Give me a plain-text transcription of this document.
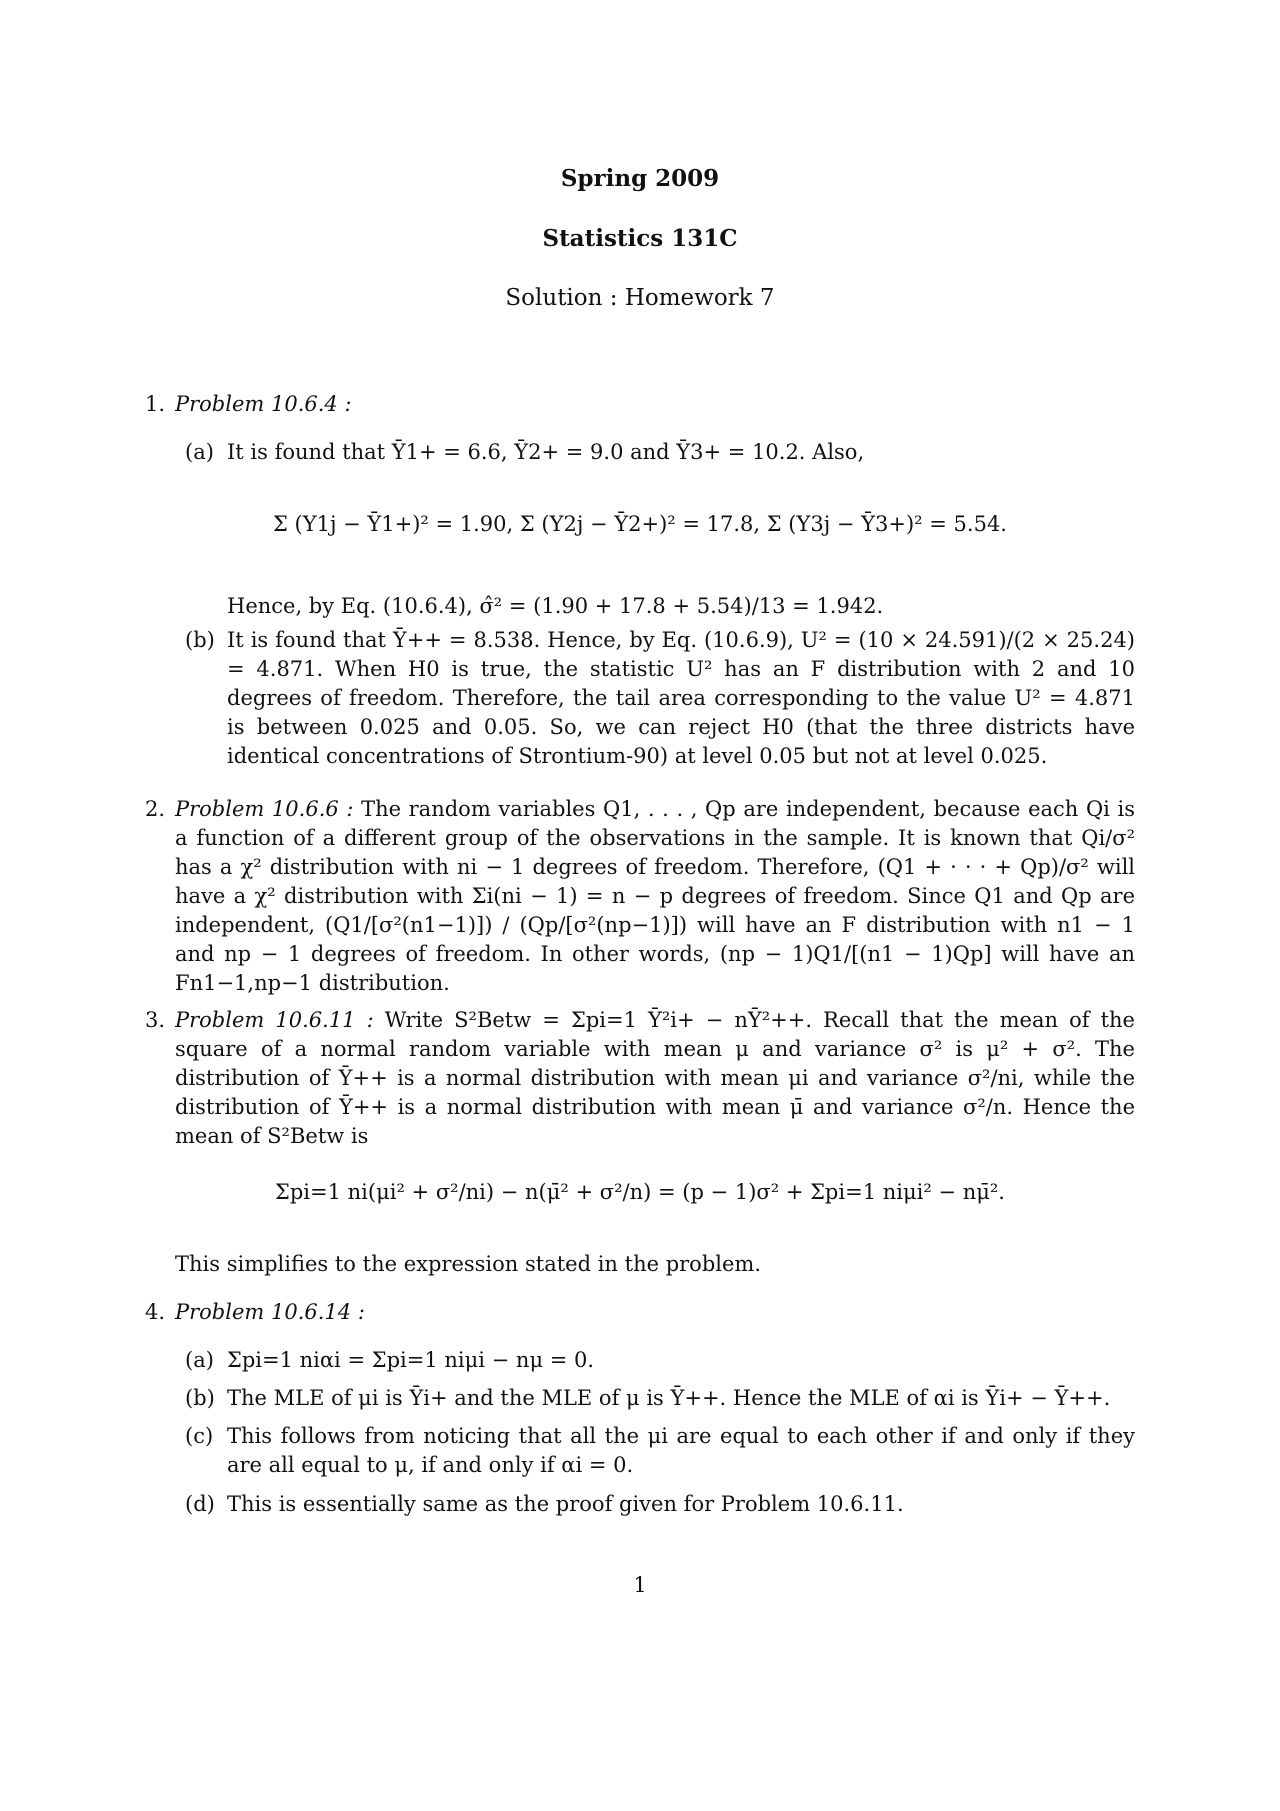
Spring 2009
Statistics 131C
Solution : Homework 7
1. Problem 10.6.4 :
(a) It is found that Ȳ1+ = 6.6, Ȳ2+ = 9.0 and Ȳ3+ = 10.2. Also,
Σ (Y1j − Ȳ1+)² = 1.90, Σ (Y2j − Ȳ2+)² = 17.8, Σ (Y3j − Ȳ3+)² = 5.54.
Hence, by Eq. (10.6.4), σ̂² = (1.90 + 17.8 + 5.54)/13 = 1.942.
(b) It is found that Ȳ++ = 8.538. Hence, by Eq. (10.6.9), U² = (10 × 24.591)/(2 × 25.24) = 4.871. When H0 is true, the statistic U² has an F distribution with 2 and 10 degrees of freedom. Therefore, the tail area corresponding to the value U² = 4.871 is between 0.025 and 0.05. So, we can reject H0 (that the three districts have identical concentrations of Strontium-90) at level 0.05 but not at level 0.025.
2. Problem 10.6.6 : The random variables Q1, . . . , Qp are independent, because each Qi is a function of a different group of the observations in the sample. It is known that Qi/σ² has a χ² distribution with ni − 1 degrees of freedom. Therefore, (Q1 + · · · + Qp)/σ² will have a χ² distribution with Σi(ni − 1) = n − p degrees of freedom. Since Q1 and Qp are independent, (Q1/[σ²(n1−1)]) / (Qp/[σ²(np−1)]) will have an F distribution with n1 − 1 and np − 1 degrees of freedom. In other words, (np − 1)Q1/[(n1 − 1)Qp] will have an Fn1−1,np−1 distribution.
3. Problem 10.6.11 : Write S²Betw = Σpi=1 Ȳ²i+ − nȲ²++. Recall that the mean of the square of a normal random variable with mean μ and variance σ² is μ² + σ². The distribution of Ȳ++ is a normal distribution with mean μi and variance σ²/ni, while the distribution of Ȳ++ is a normal distribution with mean μ̄ and variance σ²/n. Hence the mean of S²Betw is
Σpi=1 ni(μi² + σ²/ni) − n(μ̄² + σ²/n) = (p − 1)σ² + Σpi=1 niμi² − nμ̄².
This simplifies to the expression stated in the problem.
4. Problem 10.6.14 :
(a) Σpi=1 niαi = Σpi=1 niμi − nμ = 0.
(b) The MLE of μi is Ȳi+ and the MLE of μ is Ȳ++. Hence the MLE of αi is Ȳi+ − Ȳ++.
(c) This follows from noticing that all the μi are equal to each other if and only if they are all equal to μ, if and only if αi = 0.
(d) This is essentially same as the proof given for Problem 10.6.11.
1
